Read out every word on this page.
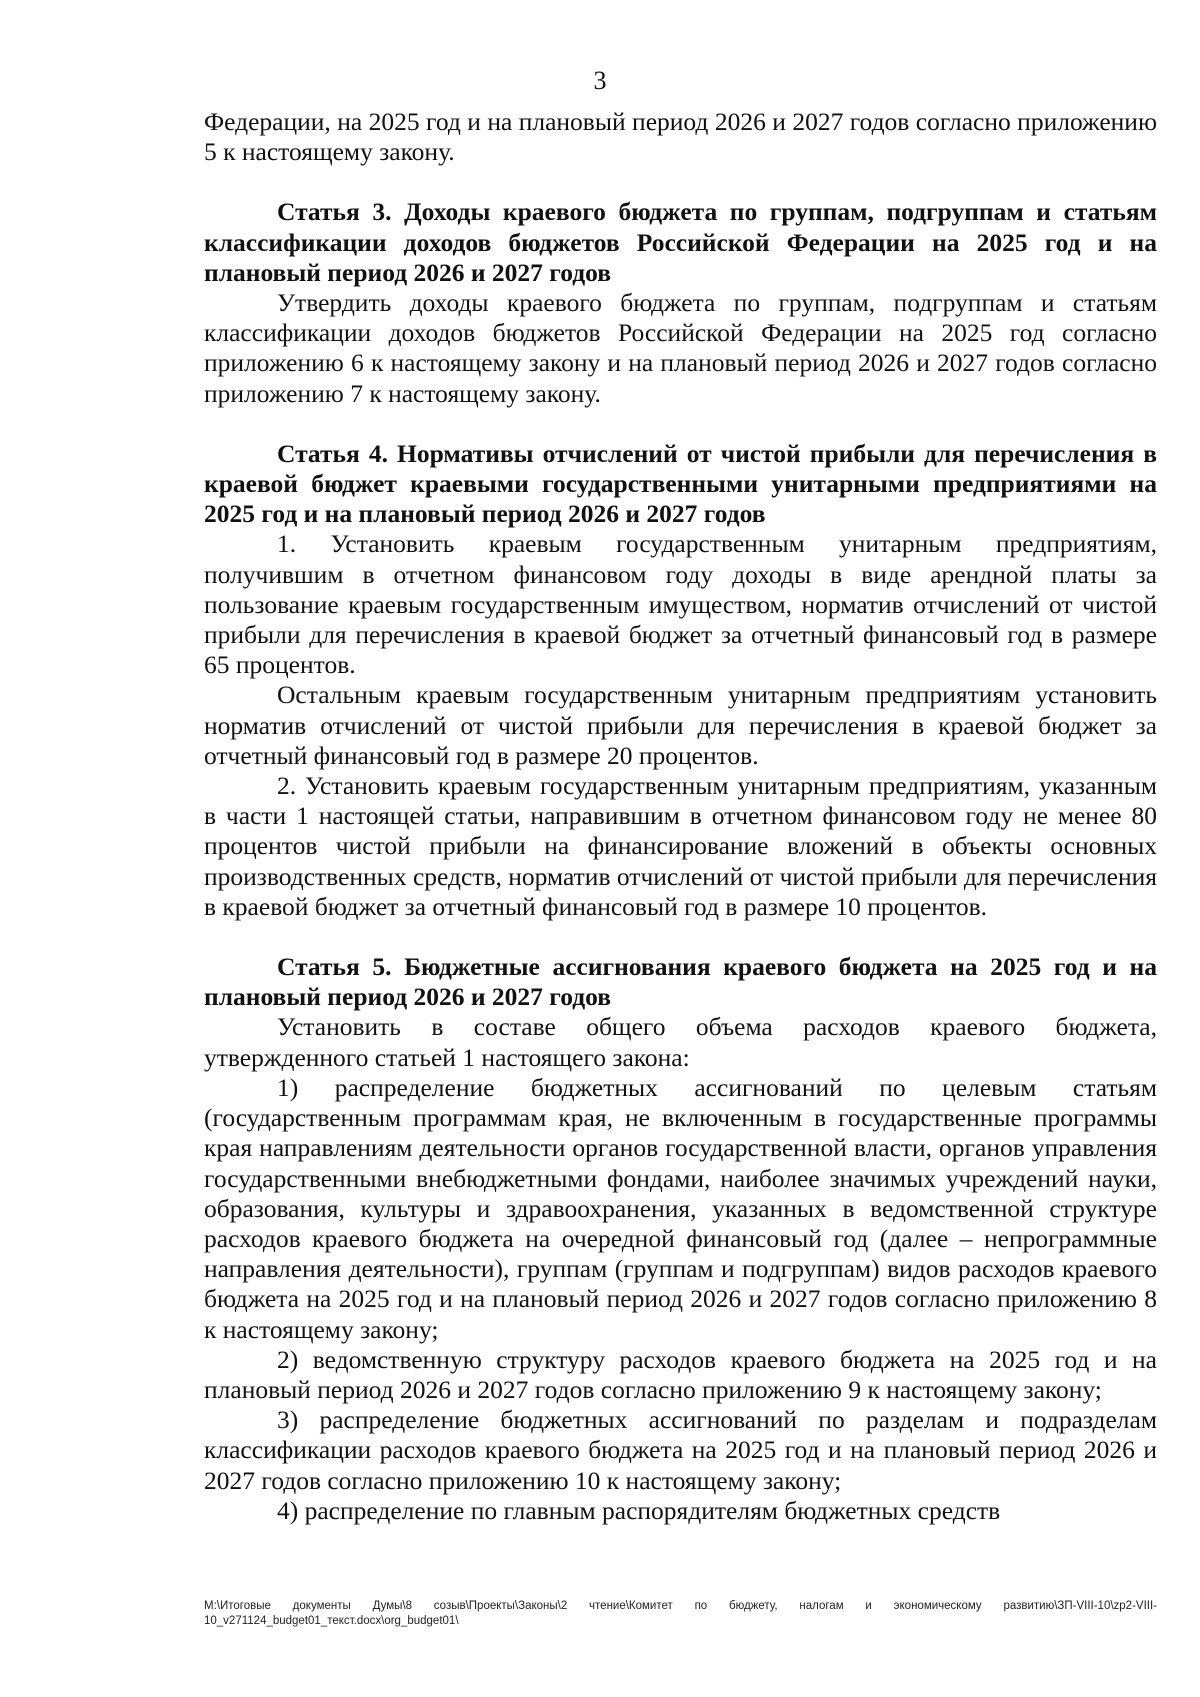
3

Федерации, на 2025 год и на плановый период 2026 и 2027 годов согласно приложению 5 к настоящему закону.

Статья 3. Доходы краевого бюджета по группам, подгруппам и статьям классификации доходов бюджетов Российской Федерации на 2025 год и на плановый период 2026 и 2027 годов

Утвердить доходы краевого бюджета по группам, подгруппам и статьям классификации доходов бюджетов Российской Федерации на 2025 год согласно приложению 6 к настоящему закону и на плановый период 2026 и 2027 годов согласно приложению 7 к настоящему закону.

Статья 4. Нормативы отчислений от чистой прибыли для перечисления в краевой бюджет краевыми государственными унитарными предприятиями на 2025 год и на плановый период 2026 и 2027 годов

1. Установить краевым государственным унитарным предприятиям, получившим в отчетном финансовом году доходы в виде арендной платы за пользование краевым государственным имуществом, норматив отчислений от чистой прибыли для перечисления в краевой бюджет за отчетный финансовый год в размере 65 процентов.

Остальным краевым государственным унитарным предприятиям установить норматив отчислений от чистой прибыли для перечисления в краевой бюджет за отчетный финансовый год в размере 20 процентов.

2. Установить краевым государственным унитарным предприятиям, указанным в части 1 настоящей статьи, направившим в отчетном финансовом году не менее 80 процентов чистой прибыли на финансирование вложений в объекты основных производственных средств, норматив отчислений от чистой прибыли для перечисления в краевой бюджет за отчетный финансовый год в размере 10 процентов.

Статья 5. Бюджетные ассигнования краевого бюджета на 2025 год и на плановый период 2026 и 2027 годов

Установить в составе общего объема расходов краевого бюджета, утвержденного статьей 1 настоящего закона:

1) распределение бюджетных ассигнований по целевым статьям (государственным программам края, не включенным в государственные программы края направлениям деятельности органов государственной власти, органов управления государственными внебюджетными фондами, наиболее значимых учреждений науки, образования, культуры и здравоохранения, указанных в ведомственной структуре расходов краевого бюджета на очередной финансовый год (далее – непрограммные направления деятельности), группам (группам и подгруппам) видов расходов краевого бюджета на 2025 год и на плановый период 2026 и 2027 годов согласно приложению 8 к настоящему закону;

2) ведомственную структуру расходов краевого бюджета на 2025 год и на плановый период 2026 и 2027 годов согласно приложению 9 к настоящему закону;

3) распределение бюджетных ассигнований по разделам и подразделам классификации расходов краевого бюджета на 2025 год и на плановый период 2026 и 2027 годов согласно приложению 10 к настоящему закону;

4) распределение по главным распорядителям бюджетных средств

M:\Итоговые документы Думы\8 созыв\Проекты\Законы\2 чтение\Комитет по бюджету, налогам и экономическому развитию\ЗП-VIII-10\zp2-VIII-10_v271124_budget01_текст.docx\org_budget01\
